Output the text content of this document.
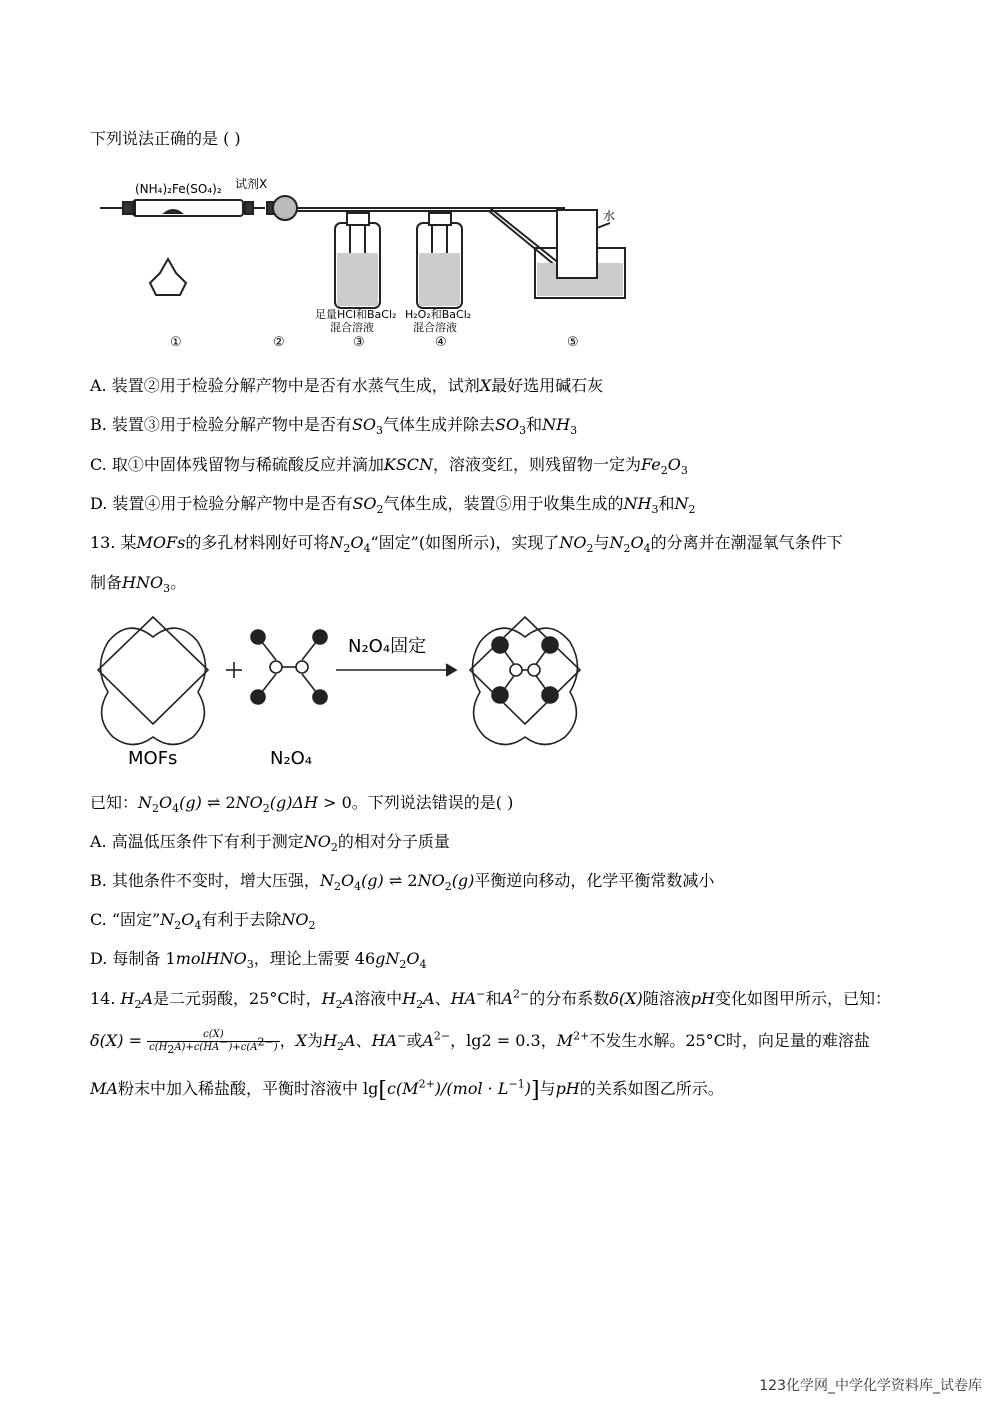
下列说法正确的是 ( )
(NH₄)₂Fe(SO₄)₂ 试剂X
水
足量HCl和BaCl₂
混合溶液
H₂O₂和BaCl₂
混合溶液
①	②	③	④	⑤
A. 装置②用于检验分解产物中是否有水蒸气生成，试剂X最好选用碱石灰
B. 装置③用于检验分解产物中是否有$SO_3$气体生成并除去$SO_3$和$NH_3$
C. 取①中固体残留物与稀硫酸反应并滴加KSCN，溶液变红，则残留物一定为$Fe_2O_3$
D. 装置④用于检验分解产物中是否有$SO_2$气体生成，装置⑤用于收集生成的$NH_3$和$N_2$
13. 某MOFs的多孔材料刚好可将$N_2O_4“$固定”(如图所示)，实现了$NO_2$与$N_2O_4$的分离并在潮湿氧气条件下
制备$HNO_3$。
N₂O₄固定
MOFs	N₂O₄
已知：$N_2O_4(g)$ ⇌ $2NO_2(g)\Delta H > 0$。下列说法错误的是( )
A. 高温低压条件下有利于测定$NO_2$的相对分子质量
B. 其他条件不变时，增大压强，$N_2O_4(g)$ ⇌ $2NO_2(g)$平衡逆向移动，化学平衡常数减小
C. “固定$”N_2O_4$有利于去除$NO_2$
D. 每制备 1molHNO$_3$，理论上需要 $46gN_2O_4$
14. $H_2A$是二元弱酸，25°C时，$H_2A$溶液中$H_2A$、HA−和$A^{2-}$的分布系数δ(X)随溶液pH变化如图甲所示，已知：
$\delta(X) = \frac{c(X)}{c(H_2A)+c(HA^-)+c(A^{2-})}$ ，X为$H_2A$、HA−或$A^{2-}$，lg2 = 0.3，$M^{2+}$不发生水解。25°C时，向足量的难溶盐
MA粉末中加入稀盐酸，平衡时溶液中 $\lg[c(M^{2+})/(mol \cdot L^{-1})]$与pH的关系如图乙所示。
123化学网_中学化学资料库_试卷库
